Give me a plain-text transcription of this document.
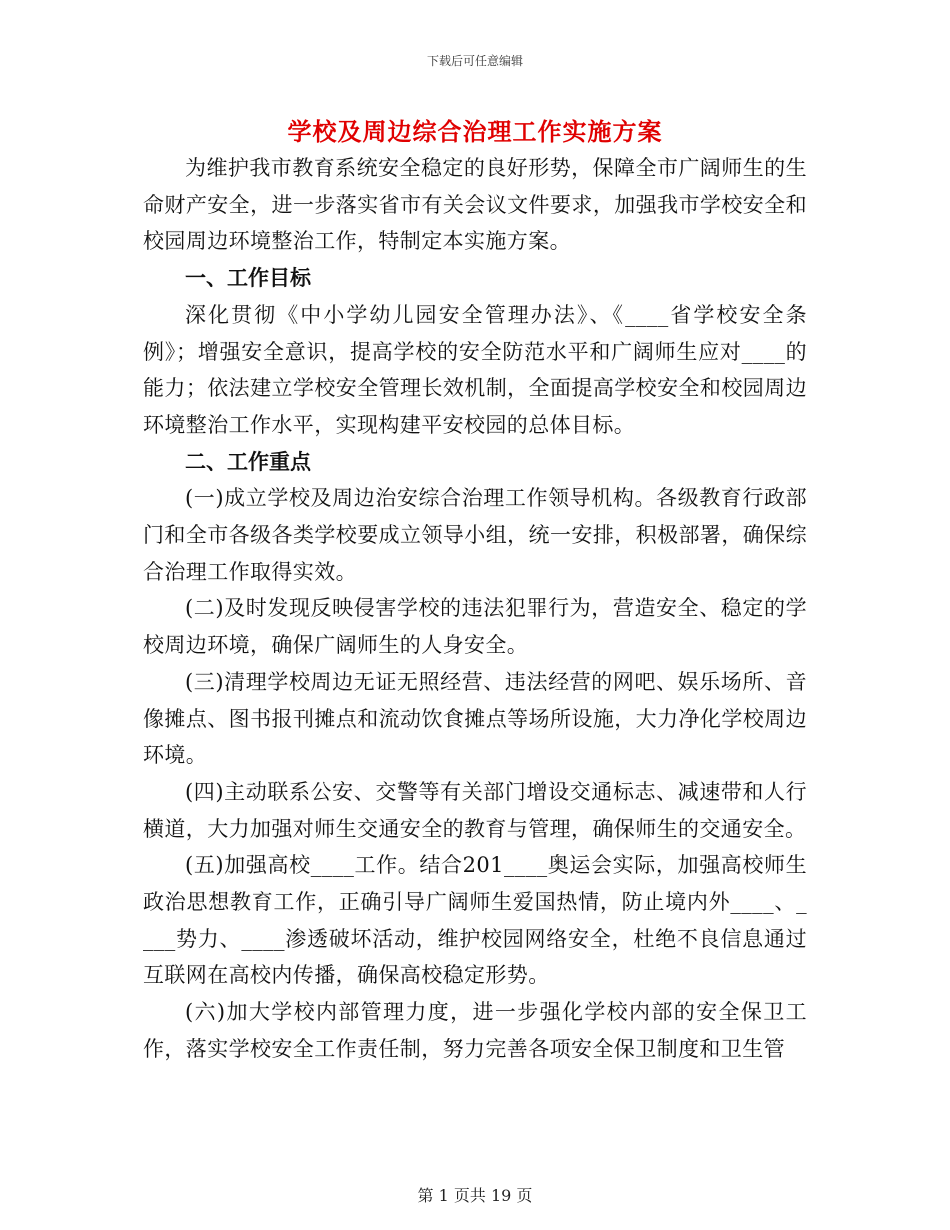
下载后可任意编辑
学校及周边综合治理工作实施方案

为维护我市教育系统安全稳定的良好形势，保障全市广阔师生的生命财产安全，进一步落实省市有关会议文件要求，加强我市学校安全和校园周边环境整治工作，特制定本实施方案。

一、工作目标

深化贯彻《中小学幼儿园安全管理办法》、《____省学校安全条例》；增强安全意识，提高学校的安全防范水平和广阔师生应对____的能力；依法建立学校安全管理长效机制，全面提高学校安全和校园周边环境整治工作水平，实现构建平安校园的总体目标。

二、工作重点

(一)成立学校及周边治安综合治理工作领导机构。各级教育行政部门和全市各级各类学校要成立领导小组，统一安排，积极部署，确保综合治理工作取得实效。

(二)及时发现反映侵害学校的违法犯罪行为，营造安全、稳定的学校周边环境，确保广阔师生的人身安全。

(三)清理学校周边无证无照经营、违法经营的网吧、娱乐场所、音像摊点、图书报刊摊点和流动饮食摊点等场所设施，大力净化学校周边环境。

(四)主动联系公安、交警等有关部门增设交通标志、减速带和人行横道，大力加强对师生交通安全的教育与管理，确保师生的交通安全。

(五)加强高校____工作。结合201____奥运会实际，加强高校师生政治思想教育工作，正确引导广阔师生爱国热情，防止境内外____、____势力、____渗透破坏活动，维护校园网络安全，杜绝不良信息通过互联网在高校内传播，确保高校稳定形势。

(六)加大学校内部管理力度，进一步强化学校内部的安全保卫工作，落实学校安全工作责任制，努力完善各项安全保卫制度和卫生管

第 1 页共 19 页
